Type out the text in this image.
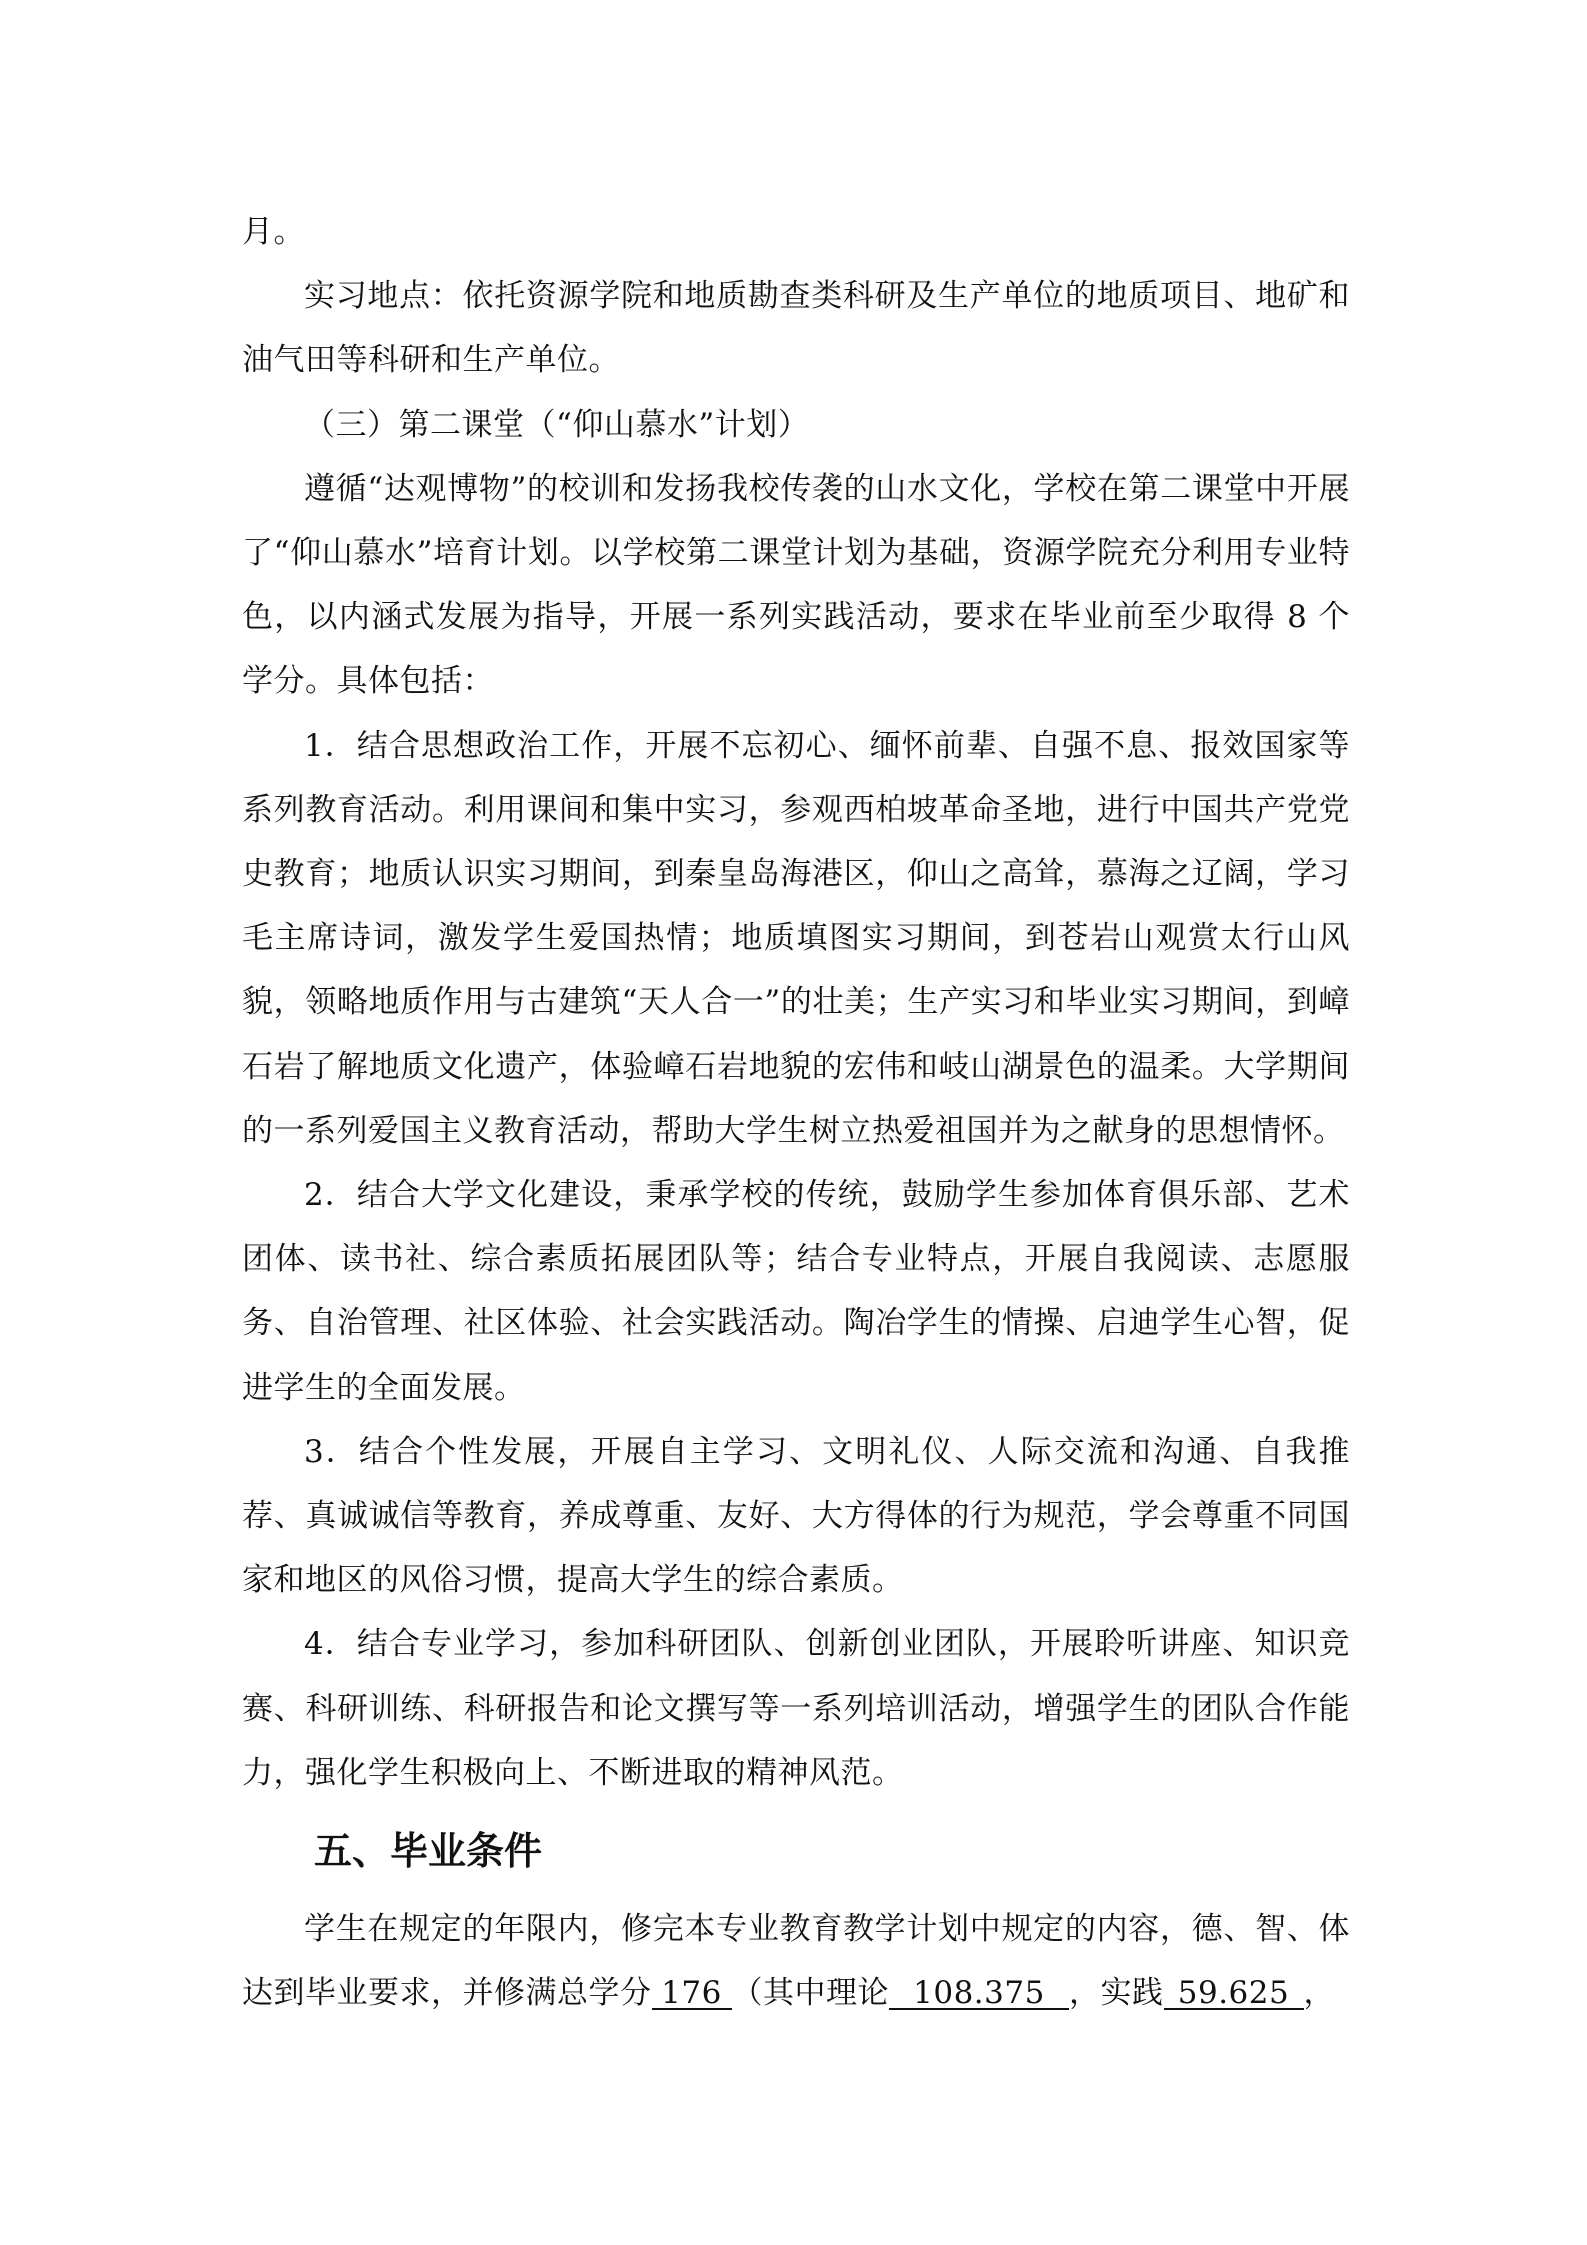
月。

实习地点：依托资源学院和地质勘查类科研及生产单位的地质项目、地矿和油气田等科研和生产单位。

（三）第二课堂（“仰山慕水”计划）

遵循“达观博物”的校训和发扬我校传袭的山水文化，学校在第二课堂中开展了“仰山慕水”培育计划。以学校第二课堂计划为基础，资源学院充分利用专业特色，以内涵式发展为指导，开展一系列实践活动，要求在毕业前至少取得 8 个学分。具体包括：

1．结合思想政治工作，开展不忘初心、缅怀前辈、自强不息、报效国家等系列教育活动。利用课间和集中实习，参观西柏坡革命圣地，进行中国共产党党史教育；地质认识实习期间，到秦皇岛海港区，仰山之高耸，慕海之辽阔，学习毛主席诗词，激发学生爱国热情；地质填图实习期间，到苍岩山观赏太行山风貌，领略地质作用与古建筑“天人合一”的壮美；生产实习和毕业实习期间，到嶂石岩了解地质文化遗产，体验嶂石岩地貌的宏伟和岐山湖景色的温柔。大学期间的一系列爱国主义教育活动，帮助大学生树立热爱祖国并为之献身的思想情怀。

2．结合大学文化建设，秉承学校的传统，鼓励学生参加体育俱乐部、艺术团体、读书社、综合素质拓展团队等；结合专业特点，开展自我阅读、志愿服务、自治管理、社区体验、社会实践活动。陶冶学生的情操、启迪学生心智，促进学生的全面发展。

3．结合个性发展，开展自主学习、文明礼仪、人际交流和沟通、自我推荐、真诚诚信等教育，养成尊重、友好、大方得体的行为规范，学会尊重不同国家和地区的风俗习惯，提高大学生的综合素质。

4．结合专业学习，参加科研团队、创新创业团队，开展聆听讲座、知识竞赛、科研训练、科研报告和论文撰写等一系列培训活动，增强学生的团队合作能力，强化学生积极向上、不断进取的精神风范。

五、毕业条件

学生在规定的年限内，修完本专业教育教学计划中规定的内容，德、智、体达到毕业要求，并修满总学分 176 （其中理论 108.375 ，实践 59.625 ，
